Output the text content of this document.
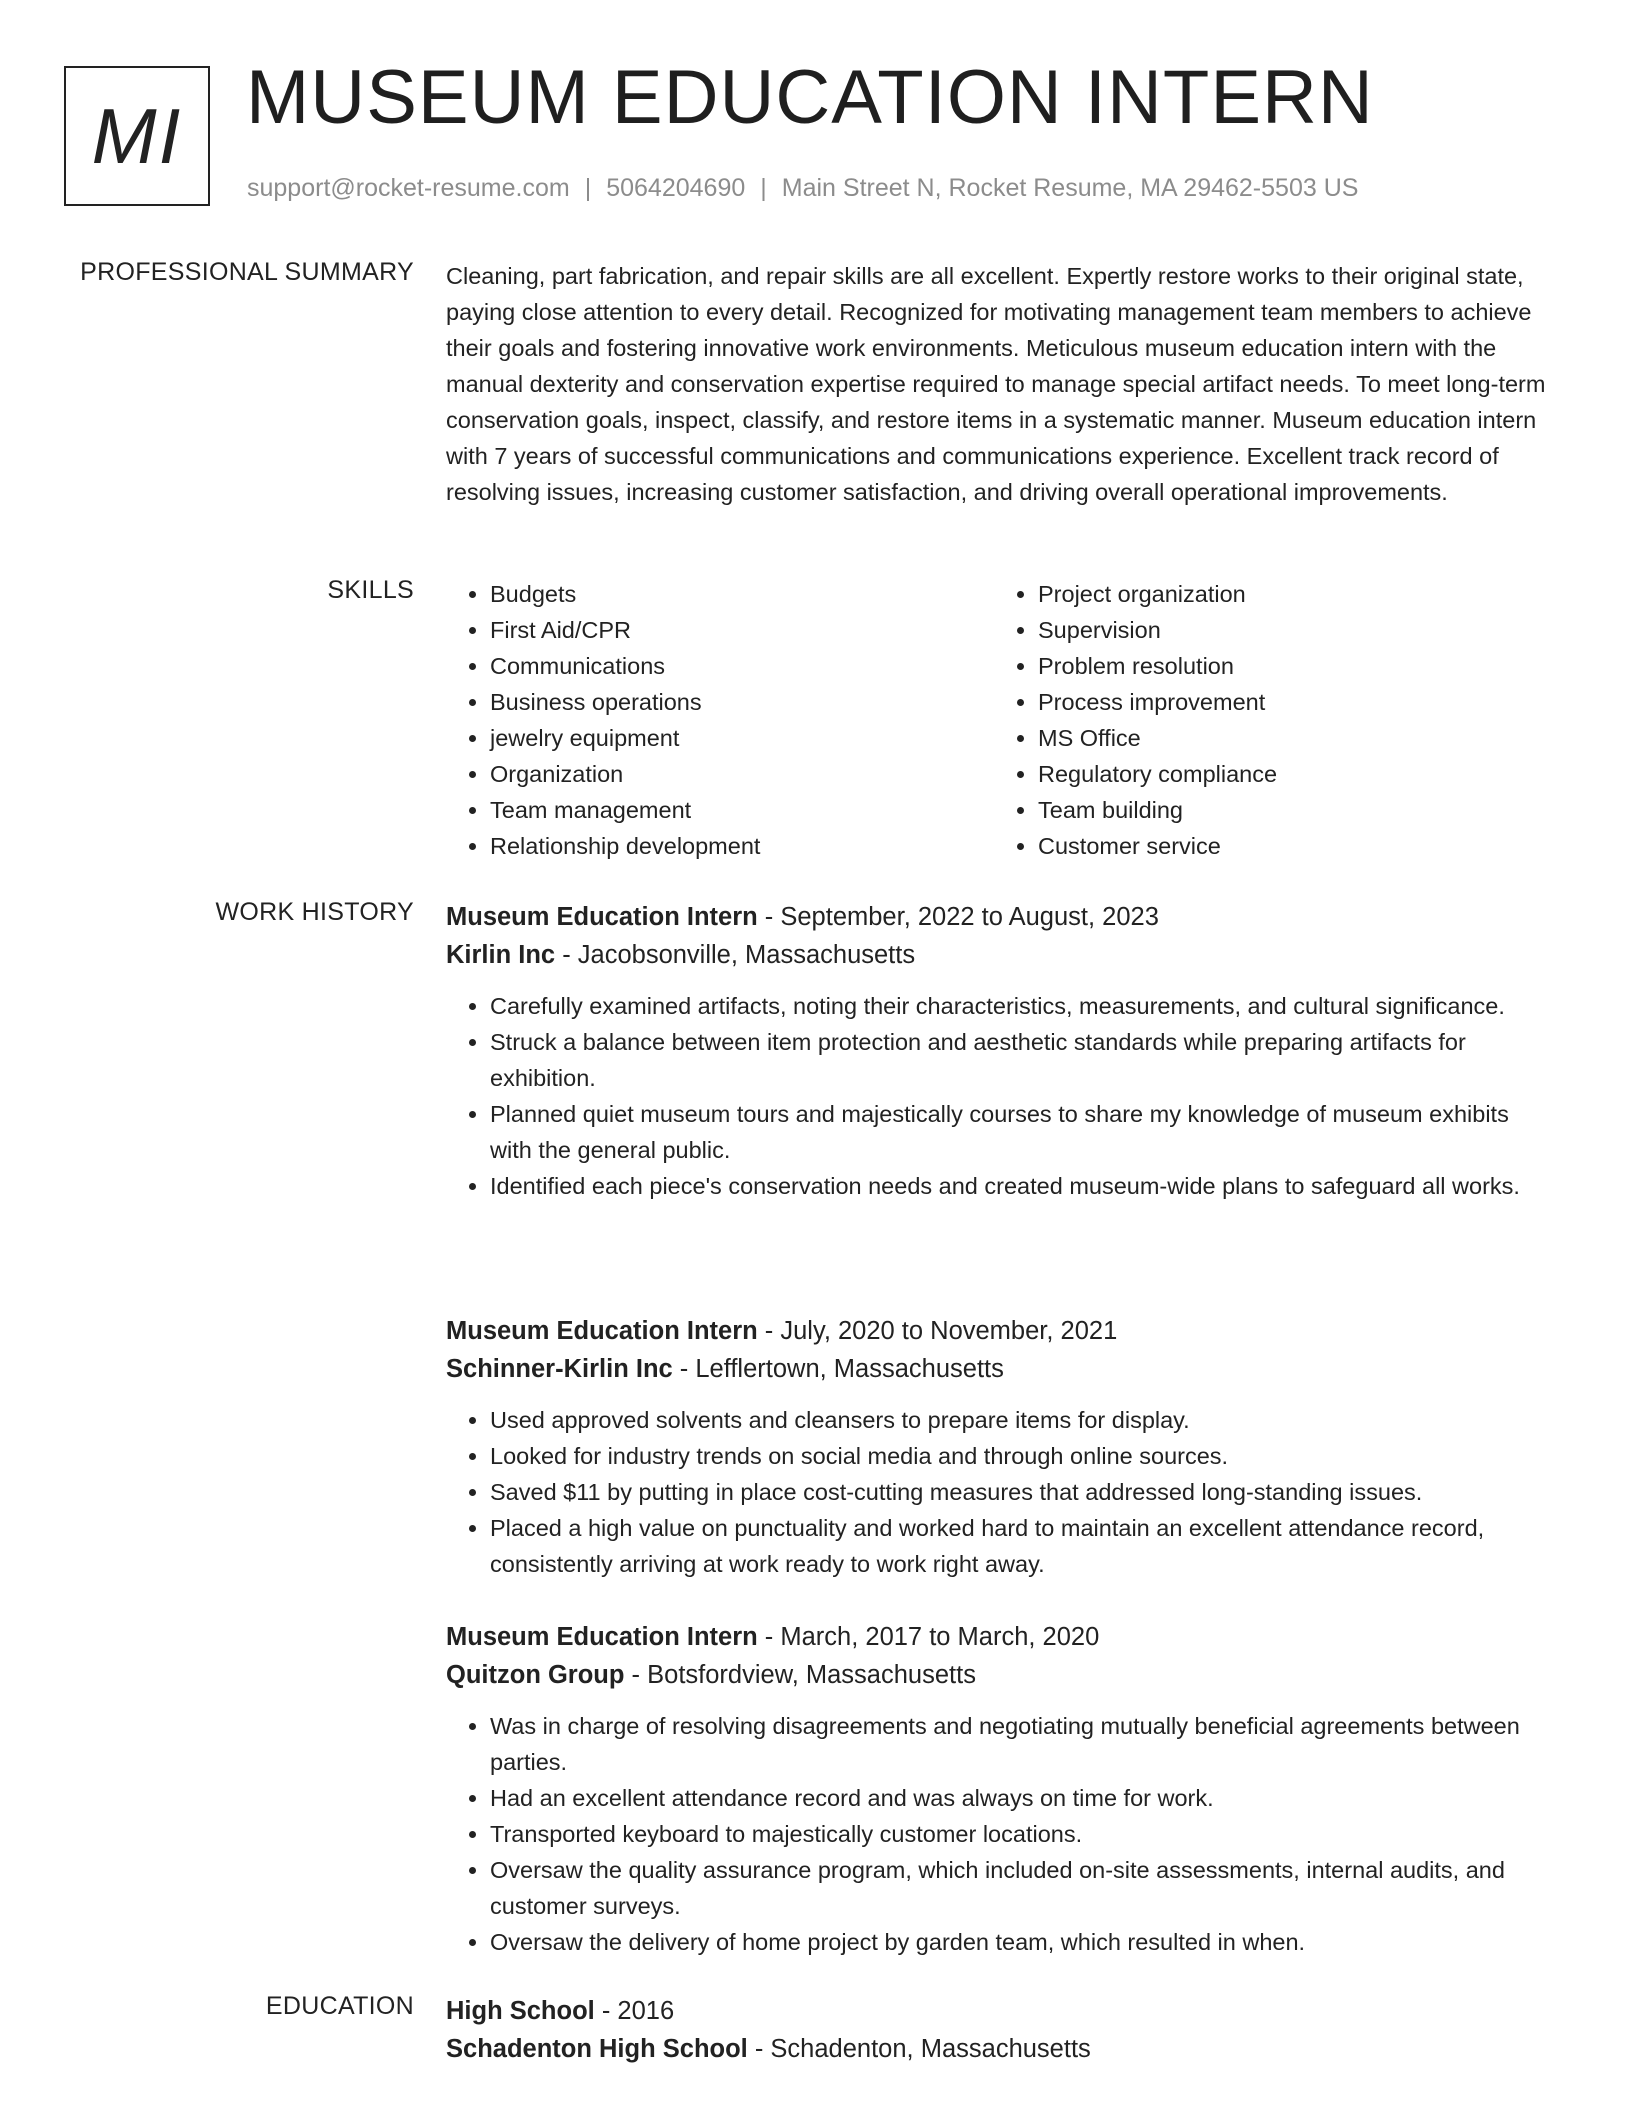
MI MUSEUM EDUCATION INTERN
support@rocket-resume.com | 5064204690 | Main Street N, Rocket Resume, MA 29462-5503 US
PROFESSIONAL SUMMARY Cleaning, part fabrication, and repair skills are all excellent. Expertly restore works to their original state, paying close attention to every detail. Recognized for motivating management team members to achieve their goals and fostering innovative work environments. Meticulous museum education intern with the manual dexterity and conservation expertise required to manage special artifact needs. To meet long-term conservation goals, inspect, classify, and restore items in a systematic manner. Museum education intern with 7 years of successful communications and communications experience. Excellent track record of resolving issues, increasing customer satisfaction, and driving overall operational improvements.

SKILLS
•	Budgets
• First Aid/CPR
• Communications
• Business operations
• jewelry equipment
• Organization
• Team management
• Relationship development
• Project organization
• Supervision
• Problem resolution
• Process improvement
• MS Office
• Regulatory compliance
• Team building
• Customer service
WORK HISTORY Museum Education Intern - September, 2022 to August, 2023
Kirlin Inc - Jacobsonville, Massachusetts
• Carefully examined artifacts, noting their characteristics, measurements, and cultural significance.
• Struck a balance between item protection and aesthetic standards while preparing artifacts for exhibition.
• Planned quiet museum tours and majestically courses to share my knowledge of museum exhibits with the general public.
• Identified each piece's conservation needs and created museum-wide plans to safeguard all works.
Museum Education Intern - July, 2020 to November, 2021
Schinner-Kirlin Inc - Lefflertown, Massachusetts
• Used approved solvents and cleansers to prepare items for display.
• Looked for industry trends on social media and through online sources.
• Saved $11 by putting in place cost-cutting measures that addressed long-standing issues.
• Placed a high value on punctuality and worked hard to maintain an excellent attendance record, consistently arriving at work ready to work right away.
Museum Education Intern - March, 2017 to March, 2020
Quitzon Group - Botsfordview, Massachusetts
• Was in charge of resolving disagreements and negotiating mutually beneficial agreements between parties.
• Had an excellent attendance record and was always on time for work.
• Transported keyboard to majestically customer locations.
• Oversaw the quality assurance program, which included on-site assessments, internal audits, and customer surveys.
• Oversaw the delivery of home project by garden team, which resulted in when.
EDUCATION High School - 2016
Schadenton High School - Schadenton, Massachusetts
